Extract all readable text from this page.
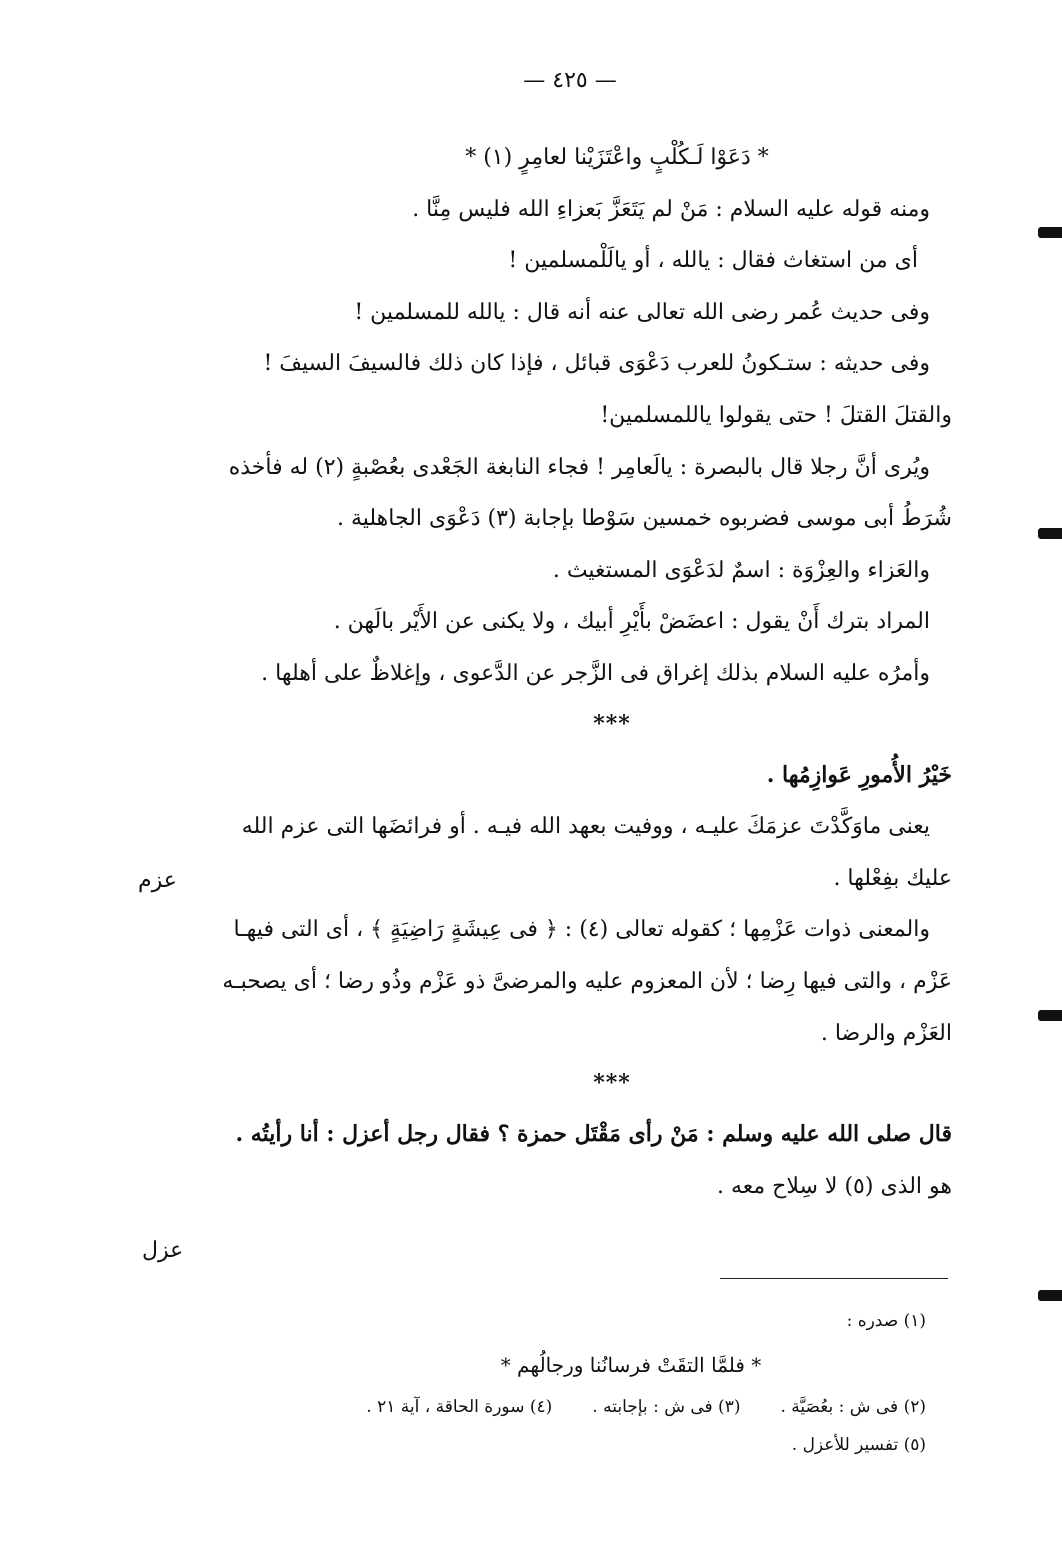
— ٤٢٥ —

* دَعَوْا لَـكُلْبٍ واعْتَزَيْنا لعامِرٍ (١) *

ومنه قوله عليه السلام : مَنْ لم يَتَعَزَّ بَعزاءِ الله فليس مِنَّا .

أى من استغاث فقال : يالله ، أو يالَلْمسلمين !

وفى حديث عُمر رضى الله تعالى عنه أنه قال : يالله للمسلمين !

وفى حديثه : ستـكونُ للعرب دَعْوَى قبائل ، فإذا كان ذلك فالسيفَ السيفَ !

والقتلَ القتلَ ! حتى يقولوا ياللمسلمين!

ويُرى أنَّ رجلا قال بالبصرة : يالَعامِر ! فجاء النابغة الجَعْدى بعُصْبةٍ (٢) له فأخذه

شُرَطُ أبى موسى فضربوه خمسين سَوْطا بإجابة (٣) دَعْوَى الجاهلية .

والعَزاء والعِزْوَة : اسمٌ لدَعْوَى المستغيث .

المراد بترك أَنْ يقول : اعضَضْ بأَيْرِ أبيك ، ولا يكنى عن الأَيْر بالَهن .

وأمرُه عليه السلام بذلك إغراق فى الزَّجر عن الدَّعوى ، وإغلاظٌ على أهلها .

***

خَيْرُ الأُمورِ عَوازِمُها .

يعنى ماوَكَّدْتَ عزمَكَ عليـه ، ووفيت بعهد الله فيـه . أو فرائضَها التى عزم الله

عليك بفِعْلها .

والمعنى ذوات عَزْمِها ؛ كقوله تعالى (٤) : ﴿ فى عِيشَةٍ رَاضِيَةٍ ﴾ ، أى التى فيهـا

عَزْم ، والتى فيها رِضا ؛ لأن المعزوم عليه والمرضىَّ ذو عَزْم وذُو رضا ؛ أى يصحبـه

العَزْم والرضا .

***

قال صلى الله عليه وسلم : مَنْ رأى مَقْتَل حمزة ؟ فقال رجل أعزل : أنا رأيتُه .

هو الذى (٥) لا سِلاح معه .

عزم
عزل

(١) صدره :

* فلمَّا التقَتْ فرسانُنا ورجالُهم *

(٢) فى ش : بعُصَيَّة .
(٣) فى ش : بإجابته .
(٤) سورة الحاقة ، آية ٢١ .

(٥) تفسير للأعزل .
